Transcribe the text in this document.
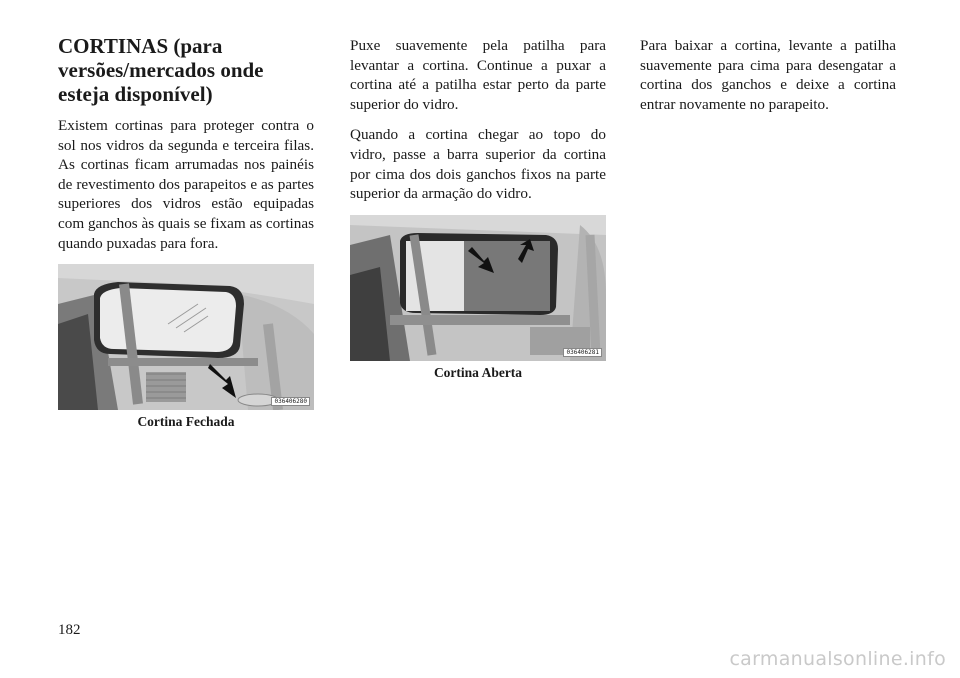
CORTINAS (para versões/mercados onde esteja disponível)

Existem cortinas para proteger contra o sol nos vidros da segunda e terceira filas. As cortinas ficam arrumadas nos painéis de revestimento dos parapeitos e as partes superiores dos vidros estão equipadas com ganchos às quais se fixam as cortinas quando puxadas para fora.

036406280
Cortina Fechada

Puxe suavemente pela patilha para levantar a cortina. Continue a puxar a cortina até a patilha estar perto da parte superior do vidro.

Quando a cortina chegar ao topo do vidro, passe a barra superior da cortina por cima dos dois ganchos fixos na parte superior da armação do vidro.

036406281
Cortina Aberta

Para baixar a cortina, levante a patilha suavemente para cima para desengatar a cortina dos ganchos e deixe a cortina entrar novamente no parapeito.

182
carmanualsonline.info
